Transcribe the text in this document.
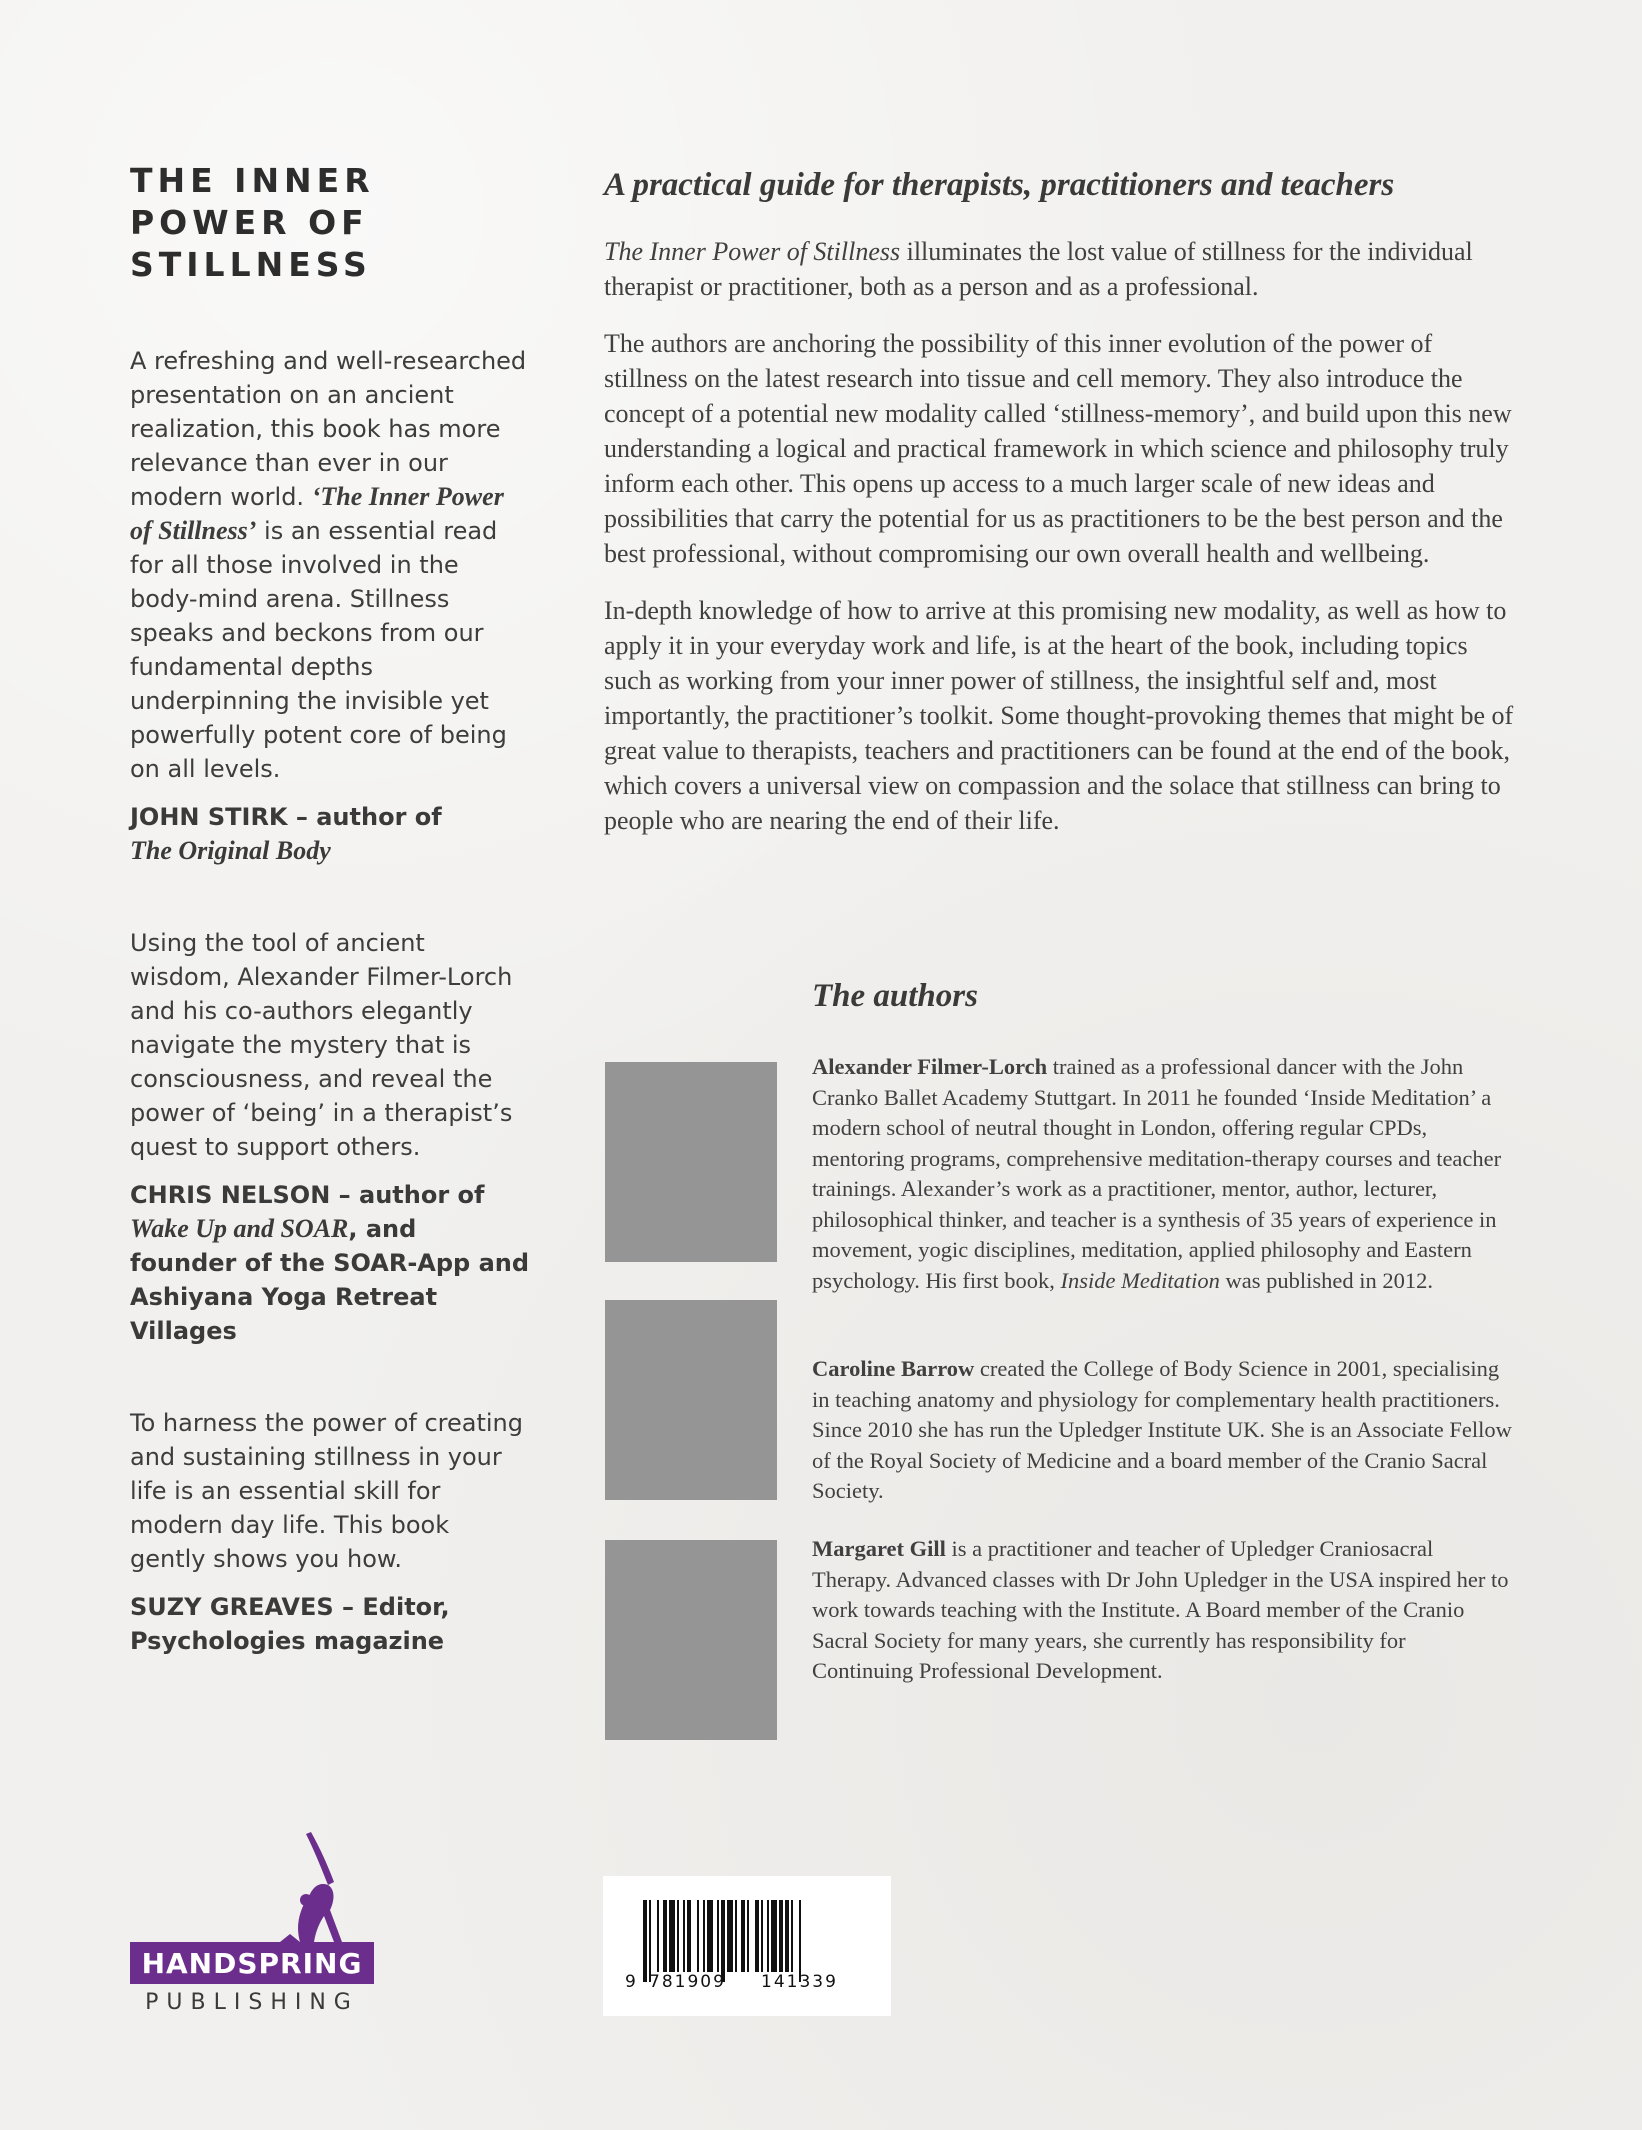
THE INNER
POWER OF
STILLNESS

A refreshing and well-researched presentation on an ancient realization, this book has more relevance than ever in our modern world. ‘The Inner Power of Stillness’ is an essential read for all those involved in the body-mind arena. Stillness speaks and beckons from our fundamental depths underpinning the invisible yet powerfully potent core of being on all levels.

JOHN STIRK – author of
The Original Body

Using the tool of ancient wisdom, Alexander Filmer-Lorch and his co-authors elegantly navigate the mystery that is consciousness, and reveal the power of ‘being’ in a therapist’s quest to support others.

CHRIS NELSON – author of Wake Up and SOAR, and founder of the SOAR-App and Ashiyana Yoga Retreat Villages

To harness the power of creating and sustaining stillness in your life is an essential skill for modern day life. This book gently shows you how.

SUZY GREAVES – Editor, Psychologies magazine
A practical guide for therapists, practitioners and teachers

The Inner Power of Stillness illuminates the lost value of stillness for the individual therapist or practitioner, both as a person and as a professional.

The authors are anchoring the possibility of this inner evolution of the power of stillness on the latest research into tissue and cell memory. They also introduce the concept of a potential new modality called ‘stillness-memory’, and build upon this new understanding a logical and practical framework in which science and philosophy truly inform each other. This opens up access to a much larger scale of new ideas and possibilities that carry the potential for us as practitioners to be the best person and the best professional, without compromising our own overall health and wellbeing.

In-depth knowledge of how to arrive at this promising new modality, as well as how to apply it in your everyday work and life, is at the heart of the book, including topics such as working from your inner power of stillness, the insightful self and, most importantly, the practitioner’s toolkit. Some thought-provoking themes that might be of great value to therapists, teachers and practitioners can be found at the end of the book, which covers a universal view on compassion and the solace that stillness can bring to people who are nearing the end of their life.

The authors

Alexander Filmer-Lorch trained as a professional dancer with the John Cranko Ballet Academy Stuttgart. In 2011 he founded ‘Inside Meditation’ a modern school of neutral thought in London, offering regular CPDs, mentoring programs, comprehensive meditation-therapy courses and teacher trainings. Alexander’s work as a practitioner, mentor, author, lecturer, philosophical thinker, and teacher is a synthesis of 35 years of experience in movement, yogic disciplines, meditation, applied philosophy and Eastern psychology. His first book, Inside Meditation was published in 2012.

Caroline Barrow created the College of Body Science in 2001, specialising in teaching anatomy and physiology for complementary health practitioners. Since 2010 she has run the Upledger Institute UK. She is an Associate Fellow of the Royal Society of Medicine and a board member of the Cranio Sacral Society.

Margaret Gill is a practitioner and teacher of Upledger Craniosacral Therapy. Advanced classes with Dr John Upledger in the USA inspired her to work towards teaching with the Institute. A Board member of the Cranio Sacral Society for many years, she currently has responsibility for Continuing Professional Development.

HANDSPRING
PUBLISHING
9 781909 141339
